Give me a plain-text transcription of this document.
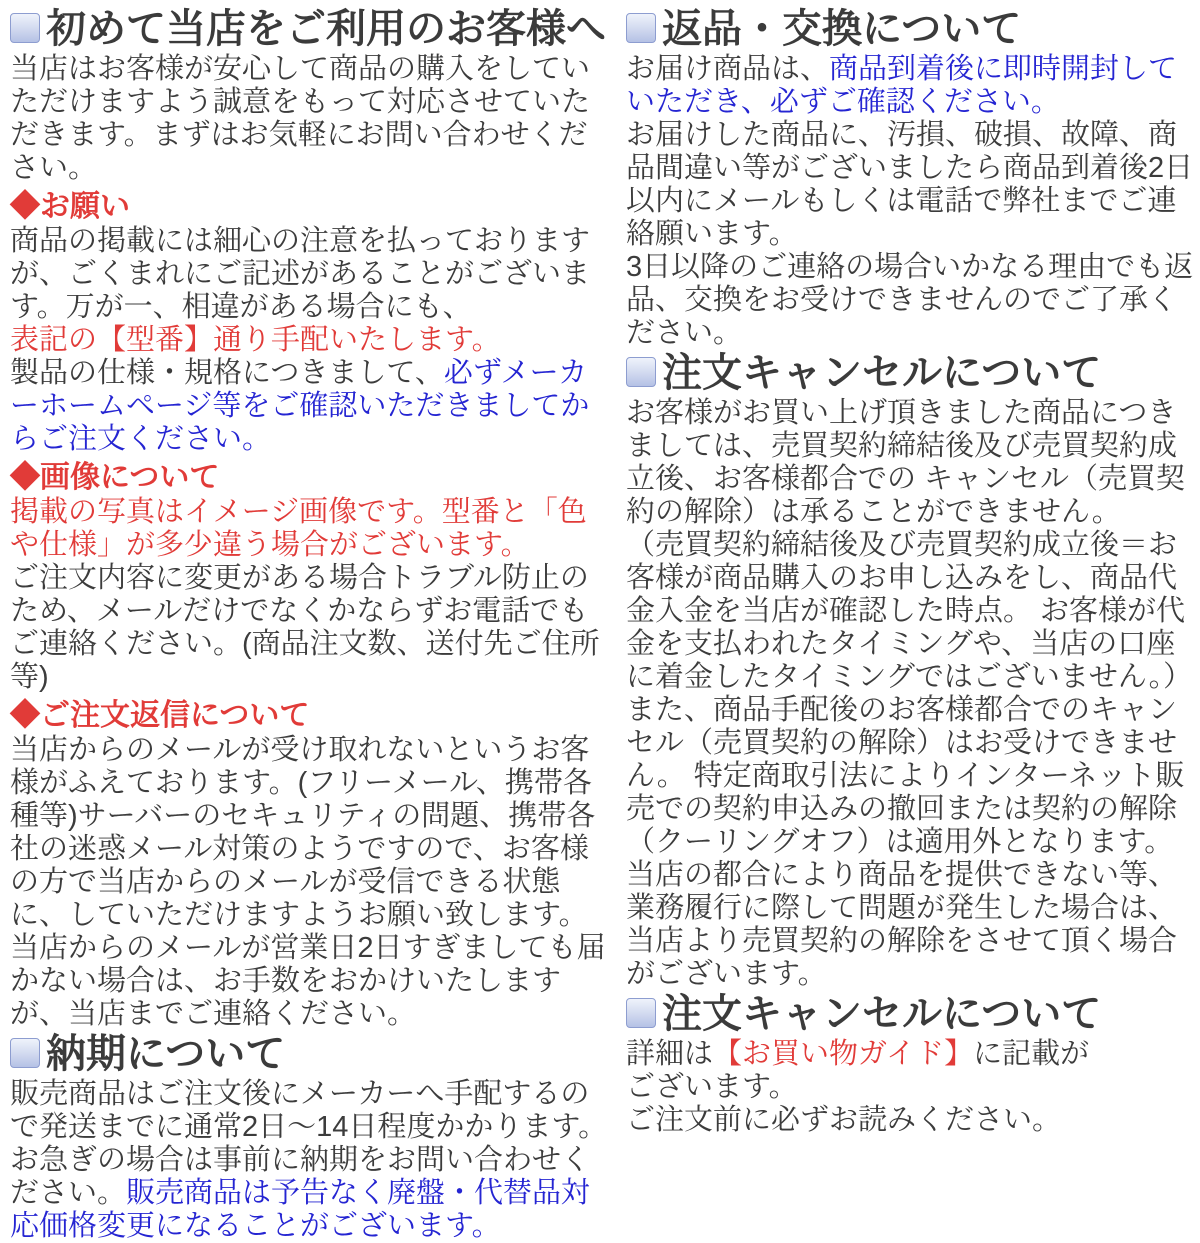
初めて当店をご利用のお客様へ

当店はお客様が安心して商品の購入をしていただけますよう誠意をもって対応させていただきます。まずはお気軽にお問い合わせください。

◆お願い

商品の掲載には細心の注意を払っておりますが、ごくまれにご記述があることがございます。万が一、相違がある場合にも、
表記の【型番】通り手配いたします。
製品の仕様・規格につきまして、必ずメーカーホームページ等をご確認いただきましてからご注文ください。

◆画像について

掲載の写真はイメージ画像です。型番と「色や仕様」が多少違う場合がございます。
ご注文内容に変更がある場合トラブル防止のため、メールだけでなくかならずお電話でもご連絡ください。(商品注文数、送付先ご住所等)

◆ご注文返信について

当店からのメールが受け取れないというお客様がふえております。(フリーメール、携帯各種等)サーバーのセキュリティの問題、携帯各社の迷惑メール対策のようですので、お客様の方で当店からのメールが受信できる状態に、していただけますようお願い致します。当店からのメールが営業日2日すぎましても届かない場合は、お手数をおかけいたしますが、当店までご連絡ください。

納期について

販売商品はご注文後にメーカーへ手配するので発送までに通常2日～14日程度かかります。お急ぎの場合は事前に納期をお問い合わせください。販売商品は予告なく廃盤・代替品対応価格変更になることがございます。

返品・交換について

お届け商品は、商品到着後に即時開封していただき、必ずご確認ください。

お届けした商品に、汚損、破損、故障、商品間違い等がございましたら商品到着後2日以内にメールもしくは電話で弊社までご連絡願います。

3日以降のご連絡の場合いかなる理由でも返品、交換をお受けできませんのでご了承ください。

注文キャンセルについて

お客様がお買い上げ頂きました商品につきましては、売買契約締結後及び売買契約成立後、お客様都合での キャンセル（売買契約の解除）は承ることができません。

（売買契約締結後及び売買契約成立後＝お客様が商品購入のお申し込みをし、商品代金入金を当店が確認した時点。 お客様が代金を支払われたタイミングや、当店の口座に着金したタイミングではございません。）

また、商品手配後のお客様都合でのキャンセル（売買契約の解除）はお受けできません。 特定商取引法によりインターネット販売での契約申込みの撤回または契約の解除（クーリングオフ）は適用外となります。

当店の都合により商品を提供できない等、業務履行に際して問題が発生した場合は、当店より売買契約の解除をさせて頂く場合がございます。

注文キャンセルについて

詳細は【お買い物ガイド】に記載が
ございます。
ご注文前に必ずお読みください。
